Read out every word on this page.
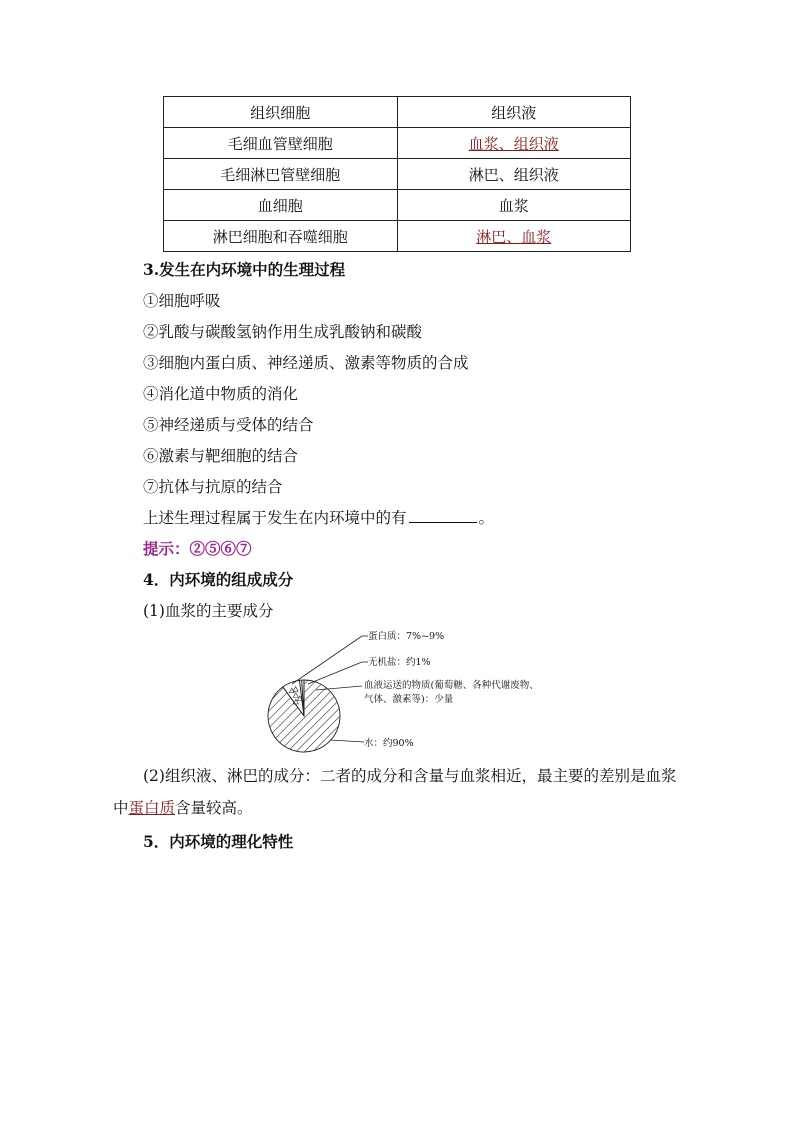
组织细胞	组织液
毛细血管壁细胞	血浆、组织液
毛细淋巴管壁细胞	淋巴、组织液
血细胞	血浆
淋巴细胞和吞噬细胞	淋巴、血浆
3.发生在内环境中的生理过程
①细胞呼吸
②乳酸与碳酸氢钠作用生成乳酸钠和碳酸
③细胞内蛋白质、神经递质、激素等物质的合成
④消化道中物质的消化
⑤神经递质与受体的结合
⑥激素与靶细胞的结合
⑦抗体与抗原的结合
上述生理过程属于发生在内环境中的有	。
提示：②⑤⑥⑦
4．内环境的组成成分
(1)血浆的主要成分
蛋白质：7%~9%
无机盐：约1%
血液运送的物质(葡萄糖、各种代谢废物、
气体、激素等)：少量
水：约90%
(2)组织液、淋巴的成分：二者的成分和含量与血浆相近，最主要的差别是血浆中蛋白质含量较高。
5．内环境的理化特性
